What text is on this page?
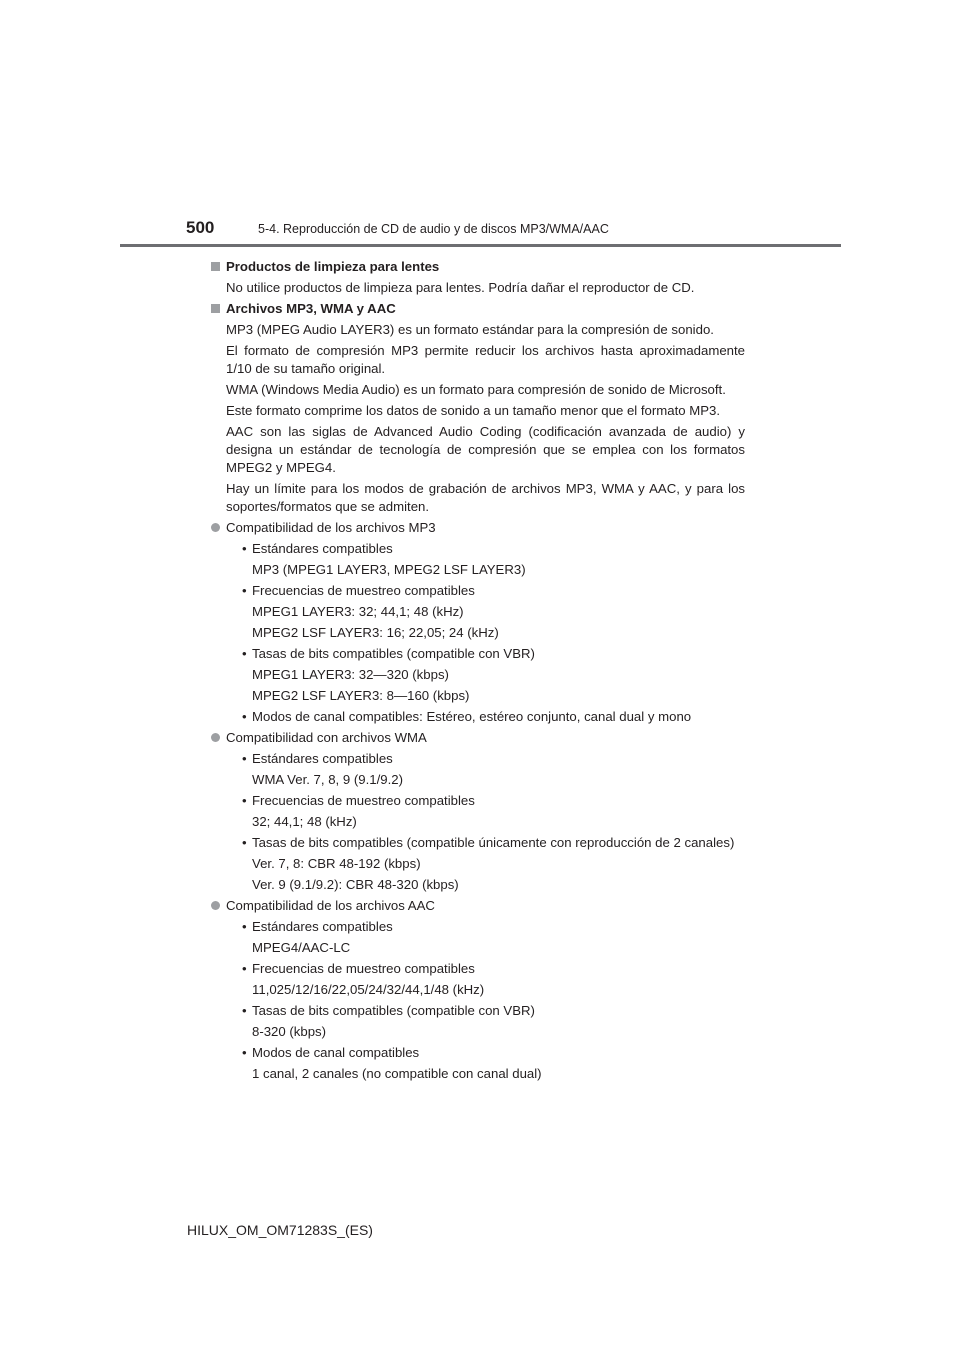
500	5-4. Reproducción de CD de audio y de discos MP3/WMA/AAC
Productos de limpieza para lentes
No utilice productos de limpieza para lentes. Podría dañar el reproductor de CD.
Archivos MP3, WMA y AAC
MP3 (MPEG Audio LAYER3) es un formato estándar para la compresión de sonido.
El formato de compresión MP3 permite reducir los archivos hasta aproximadamente 1/10 de su tamaño original.
WMA (Windows Media Audio) es un formato para compresión de sonido de Microsoft.
Este formato comprime los datos de sonido a un tamaño menor que el formato MP3.
AAC son las siglas de Advanced Audio Coding (codificación avanzada de audio) y designa un estándar de tecnología de compresión que se emplea con los formatos MPEG2 y MPEG4.
Hay un límite para los modos de grabación de archivos MP3, WMA y AAC, y para los soportes/formatos que se admiten.
Compatibilidad de los archivos MP3
• Estándares compatibles
MP3 (MPEG1 LAYER3, MPEG2 LSF LAYER3)
• Frecuencias de muestreo compatibles
MPEG1 LAYER3: 32; 44,1; 48 (kHz)
MPEG2 LSF LAYER3: 16; 22,05; 24 (kHz)
• Tasas de bits compatibles (compatible con VBR)
MPEG1 LAYER3: 32—320 (kbps)
MPEG2 LSF LAYER3: 8—160 (kbps)
• Modos de canal compatibles: Estéreo, estéreo conjunto, canal dual y mono
Compatibilidad con archivos WMA
• Estándares compatibles
WMA Ver. 7, 8, 9 (9.1/9.2)
• Frecuencias de muestreo compatibles
32; 44,1; 48 (kHz)
• Tasas de bits compatibles (compatible únicamente con reproducción de 2 canales)
Ver. 7, 8: CBR 48-192 (kbps)
Ver. 9 (9.1/9.2): CBR 48-320 (kbps)
Compatibilidad de los archivos AAC
• Estándares compatibles
MPEG4/AAC-LC
• Frecuencias de muestreo compatibles
11,025/12/16/22,05/24/32/44,1/48 (kHz)
• Tasas de bits compatibles (compatible con VBR)
8-320 (kbps)
• Modos de canal compatibles
1 canal, 2 canales (no compatible con canal dual)
HILUX_OM_OM71283S_(ES)
